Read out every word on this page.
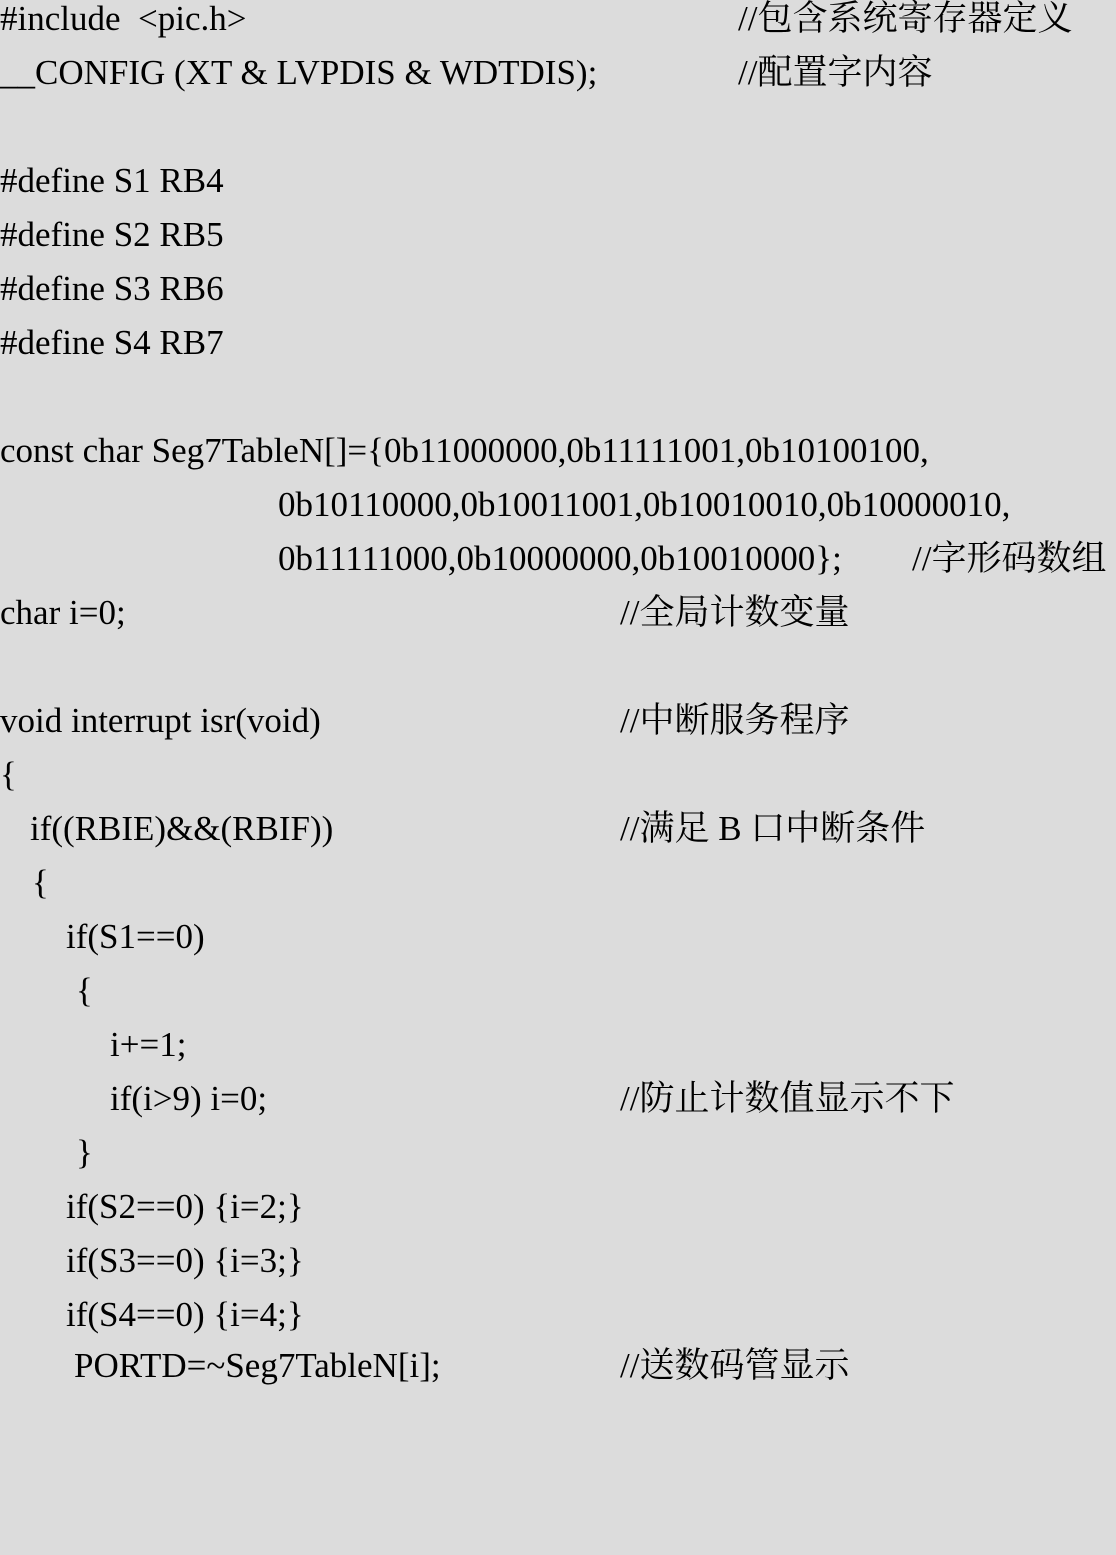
#include  <pic.h>

	//包含系统寄存器定义

__CONFIG (XT & LVPDIS & WDTDIS);

	//配置字内容

#define S1 RB4

#define S2 RB5

#define S3 RB6

#define S4 RB7

const char Seg7TableN[]={0b11000000,0b11111001,0b10100100,

0b10110000,0b10011001,0b10010010,0b10000010,

0b11111000,0b10000000,0b10010000};

//字形码数组

char i=0;

	//全局计数变量

void interrupt isr(void)

	//中断服务程序

{

if((RBIE)&&(RBIF))

	//满足 B 口中断条件

{

if(S1==0)

{

i+=1;

if(i>9) i=0;

	//防止计数值显示不下

}

if(S2==0) {i=2;}

if(S3==0) {i=3;}

if(S4==0) {i=4;}

PORTD=~Seg7TableN[i];

	//送数码管显示
